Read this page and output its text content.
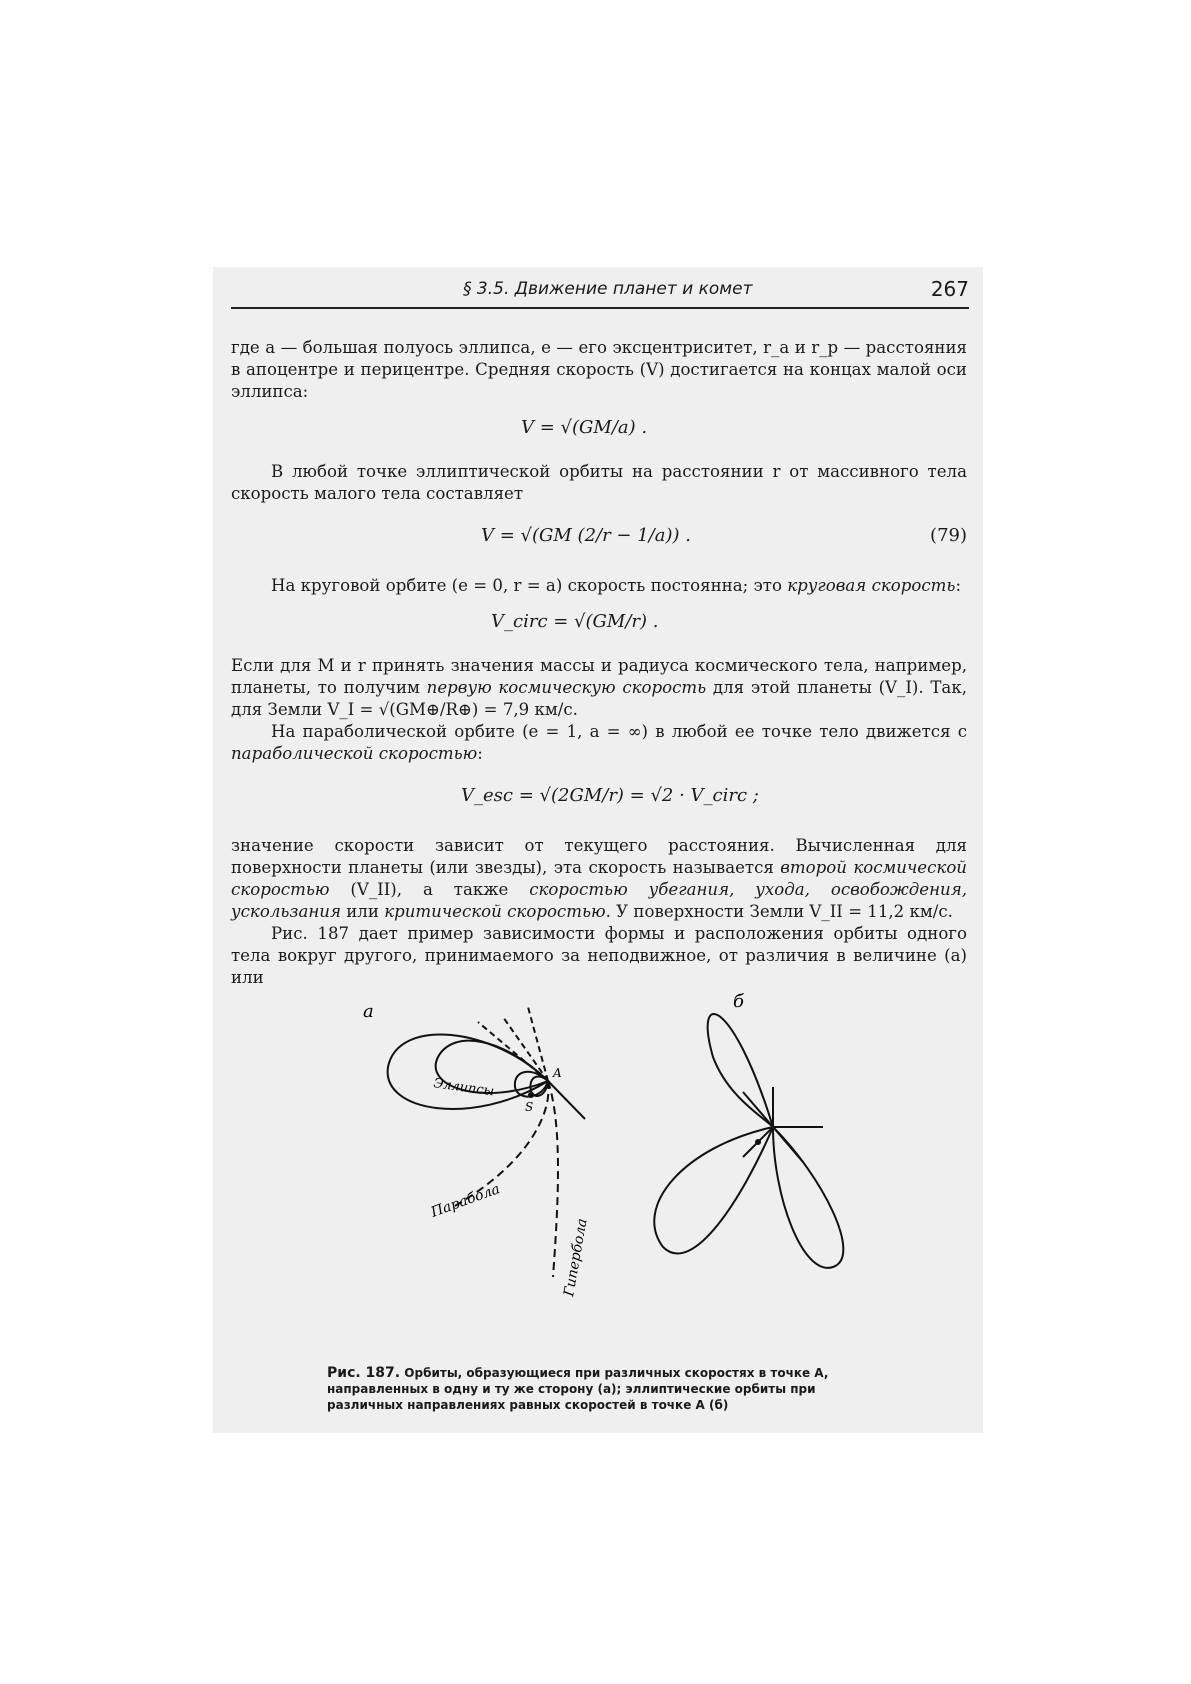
§ 3.5. Движение планет и комет	267

где a — большая полуось эллипса, e — его эксцентриситет, r_a и r_p — расстояния в апоцентре и перицентре. Средняя скорость (V) достигается на концах малой оси эллипса:

V = √(GM/a) .

В любой точке эллиптической орбиты на расстоянии r от массивного тела скорость малого тела составляет

V = √(GM (2/r − 1/a)) .	(79)

На круговой орбите (e = 0, r = a) скорость постоянна; это круговая скорость:

V_circ = √(GM/r) .

Если для M и r принять значения массы и радиуса космического тела, например, планеты, то получим первую космическую скорость для этой планеты (V_I). Так, для Земли V_I = √(GM⊕/R⊕) = 7,9 км/с.

На параболической орбите (e = 1, a = ∞) в любой ее точке тело движется с параболической скоростью:

V_esc = √(2GM/r) = √2 · V_circ ;

значение скорости зависит от текущего расстояния. Вычисленная для поверхности планеты (или звезды), эта скорость называется второй космической скоростью (V_II), а также скоростью убегания, ухода, освобождения, ускользания или критической скоростью. У поверхности Земли V_II = 11,2 км/с.

Рис. 187 дает пример зависимости формы и расположения орбиты одного тела вокруг другого, принимаемого за неподвижное, от различия в величине (a) или

а	б
Эллипсы
Парабола
Гипербола
A
S
Рис. 187. Орбиты, образующиеся при различных скоростях в точке A, направленных в одну и ту же сторону (а); эллиптические орбиты при различных направлениях равных скоростей в точке A (б)
